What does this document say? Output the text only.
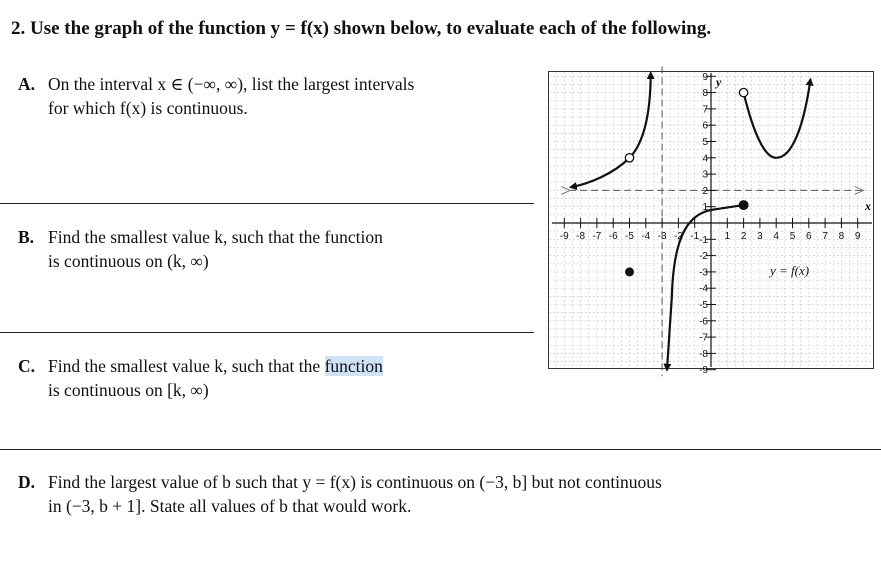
2. Use the graph of the function y = f(x) shown below, to evaluate each of the following.
A. On the interval x ∈ (−∞, ∞), list the largest intervals
for which f(x) is continuous.
B. Find the smallest value k, such that the function
is continuous on (k, ∞)
C. Find the smallest value k, such that the function
is continuous on [k, ∞)
D. Find the largest value of b such that y = f(x) is continuous on (−3, b] but not continuous
in (−3, b + 1]. State all values of b that would work.
-9 -8 -7 -6 -5 -4 -3 -2 -1	1 2 3 4 5 6 7 8 9
9
8
7
6
5
4
3
2
1
-1
-2
-3
-4
-5
-6
-7
-8
-9
x
y
y = f(x)
